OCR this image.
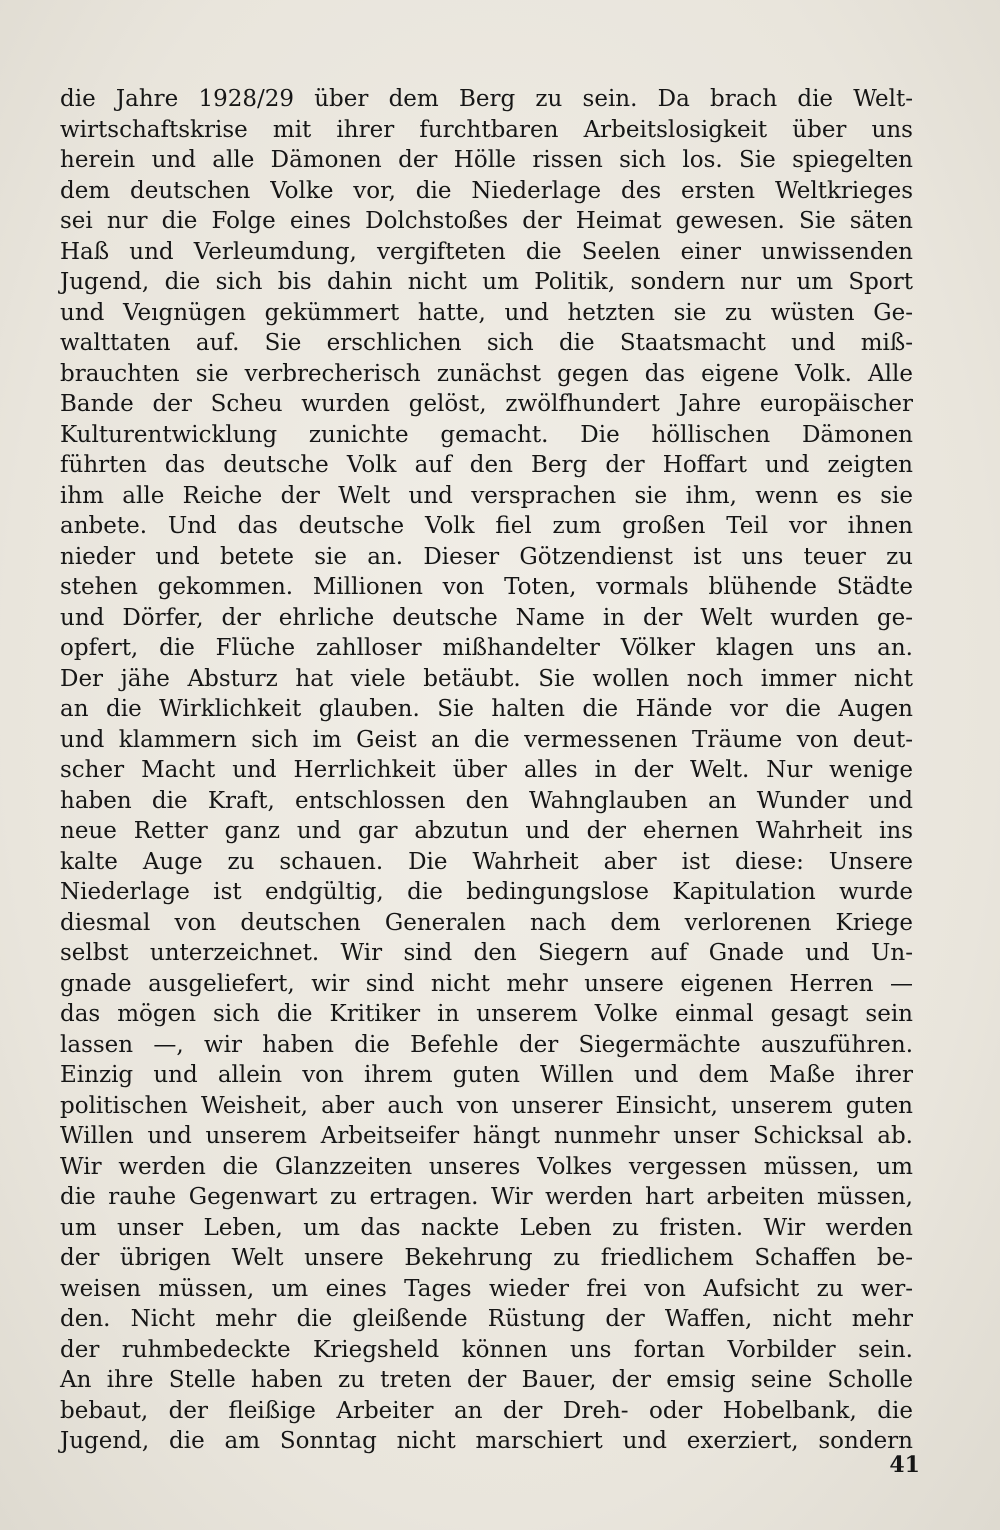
die Jahre 1928/29 über dem Berg zu sein. Da brach die Welt-
wirtschaftskrise mit ihrer furchtbaren Arbeitslosigkeit über uns
herein und alle Dämonen der Hölle rissen sich los. Sie spiegelten
dem deutschen Volke vor, die Niederlage des ersten Weltkrieges
sei nur die Folge eines Dolchstoßes der Heimat gewesen. Sie säten
Haß und Verleumdung, vergifteten die Seelen einer unwissenden
Jugend, die sich bis dahin nicht um Politik, sondern nur um Sport
und Veıgnügen gekümmert hatte, und hetzten sie zu wüsten Ge-
walttaten auf. Sie erschlichen sich die Staatsmacht und miß-
brauchten sie verbrecherisch zunächst gegen das eigene Volk. Alle
Bande der Scheu wurden gelöst, zwölfhundert Jahre europäischer
Kulturentwicklung zunichte gemacht. Die höllischen Dämonen
führten das deutsche Volk auf den Berg der Hoffart und zeigten
ihm alle Reiche der Welt und versprachen sie ihm, wenn es sie
anbete. Und das deutsche Volk fiel zum großen Teil vor ihnen
nieder und betete sie an. Dieser Götzendienst ist uns teuer zu
stehen gekommen. Millionen von Toten, vormals blühende Städte
und Dörfer, der ehrliche deutsche Name in der Welt wurden ge-
opfert, die Flüche zahlloser mißhandelter Völker klagen uns an.
Der jähe Absturz hat viele betäubt. Sie wollen noch immer nicht
an die Wirklichkeit glauben. Sie halten die Hände vor die Augen
und klammern sich im Geist an die vermessenen Träume von deut-
scher Macht und Herrlichkeit über alles in der Welt. Nur wenige
haben die Kraft, entschlossen den Wahnglauben an Wunder und
neue Retter ganz und gar abzutun und der ehernen Wahrheit ins
kalte Auge zu schauen. Die Wahrheit aber ist diese: Unsere
Niederlage ist endgültig, die bedingungslose Kapitulation wurde
diesmal von deutschen Generalen nach dem verlorenen Kriege
selbst unterzeichnet. Wir sind den Siegern auf Gnade und Un-
gnade ausgeliefert, wir sind nicht mehr unsere eigenen Herren —
das mögen sich die Kritiker in unserem Volke einmal gesagt sein
lassen —, wir haben die Befehle der Siegermächte auszuführen.
Einzig und allein von ihrem guten Willen und dem Maße ihrer
politischen Weisheit, aber auch von unserer Einsicht, unserem guten
Willen und unserem Arbeitseifer hängt nunmehr unser Schicksal ab.
Wir werden die Glanzzeiten unseres Volkes vergessen müssen, um
die rauhe Gegenwart zu ertragen. Wir werden hart arbeiten müssen,
um unser Leben, um das nackte Leben zu fristen. Wir werden
der übrigen Welt unsere Bekehrung zu friedlichem Schaffen be-
weisen müssen, um eines Tages wieder frei von Aufsicht zu wer-
den. Nicht mehr die gleißende Rüstung der Waffen, nicht mehr
der ruhmbedeckte Kriegsheld können uns fortan Vorbilder sein.
An ihre Stelle haben zu treten der Bauer, der emsig seine Scholle
bebaut, der fleißige Arbeiter an der Dreh- oder Hobelbank, die
Jugend, die am Sonntag nicht marschiert und exerziert, sondern
41
